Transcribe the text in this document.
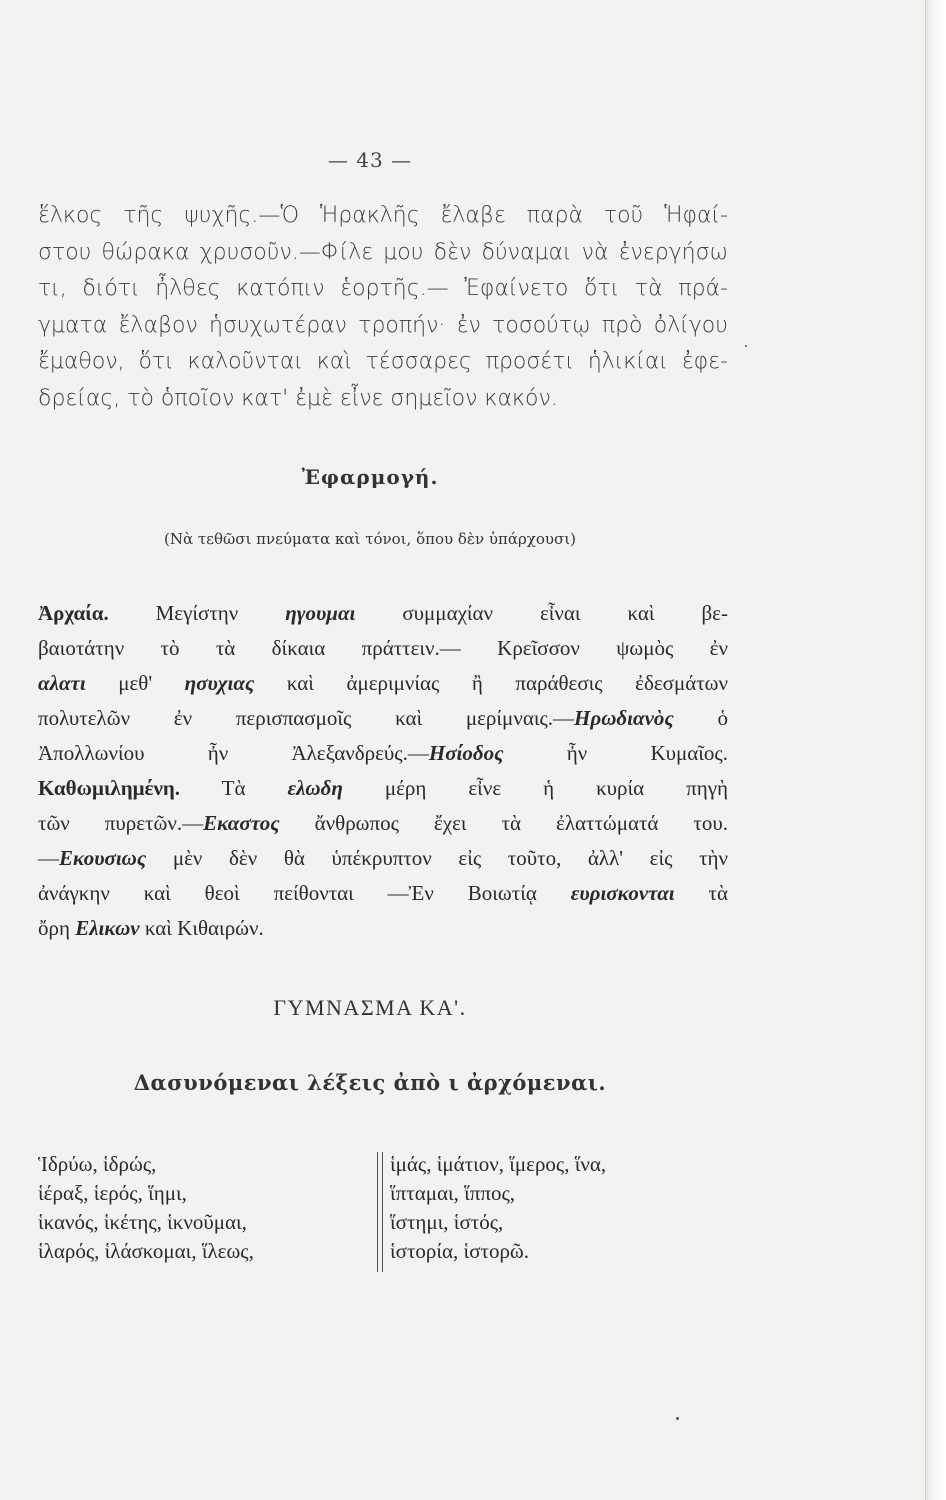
— 43 —
ἕλκος τῆς ψυχῆς.—Ὁ Ἡρακλῆς ἔλαβε παρὰ τοῦ Ἡφαί-
στου θώρακα χρυσοῦν.—Φίλε μου δὲν δύναμαι νὰ ἐνεργήσω
τι, διότι ἦλθες κατόπιν ἑορτῆς.— Ἐφαίνετο ὅτι τὰ πρά-
γματα ἔλαβον ἡσυχωτέραν τροπήν· ἐν τοσούτῳ πρὸ ὀλίγου
ἔμαθον, ὅτι καλοῦνται καὶ τέσσαρες προσέτι ἡλικίαι ἐφε-
δρείας, τὸ ὁποῖον κατ' ἐμὲ εἶνε σημεῖον κακόν.
Ἐφαρμογή.
(Νὰ τεθῶσι πνεύματα καὶ τόνοι, ὅπου δὲν ὑπάρχουσι)
Ἀρχαία. Μεγίστην ηγουμαι συμμαχίαν εἶναι καὶ βε-
βαιοτάτην τὸ τὰ δίκαια πράττειν.— Κρεῖσσον ψωμὸς ἐν
αλατι μεθ' ησυχιας καὶ ἀμεριμνίας ἢ παράθεσις ἐδεσμάτων
πολυτελῶν ἐν περισπασμοῖς καὶ μερίμναις.—Ηρωδιανὸς ὁ
Ἀπολλωνίου ἦν Ἀλεξανδρεύς.—Ησίοδος ἦν Κυμαῖος.
Καθωμιλημένη. Τὰ ελωδη μέρη εἶνε ἡ κυρία πηγὴ
τῶν πυρετῶν.—Εκαστος ἄνθρωπος ἔχει τὰ ἐλαττώματά του.
—Εκουσιως μὲν δὲν θὰ ὑπέκρυπτον εἰς τοῦτο, ἀλλ' εἰς τὴν
ἀνάγκην καὶ θεοὶ πείθονται —Ἐν Βοιωτίᾳ ευρισκονται τὰ
ὄρη Ελικων καὶ Κιθαιρών.
ΓΥΜΝΑΣΜΑ ΚΑ'.
Δασυνόμεναι λέξεις ἀπὸ ι ἀρχόμεναι.
Ἱδρύω, ἱδρώς,
ἱέραξ, ἱερός, ἵημι,
ἱκανός, ἱκέτης, ἱκνοῦμαι,
ἱλαρός, ἱλάσκομαι, ἵλεως,
ἱμάς, ἱμάτιον, ἵμερος, ἵνα,
ἵπταμαι, ἵππος,
ἵστημι, ἱστός,
ἱστορία, ἱστορῶ.
